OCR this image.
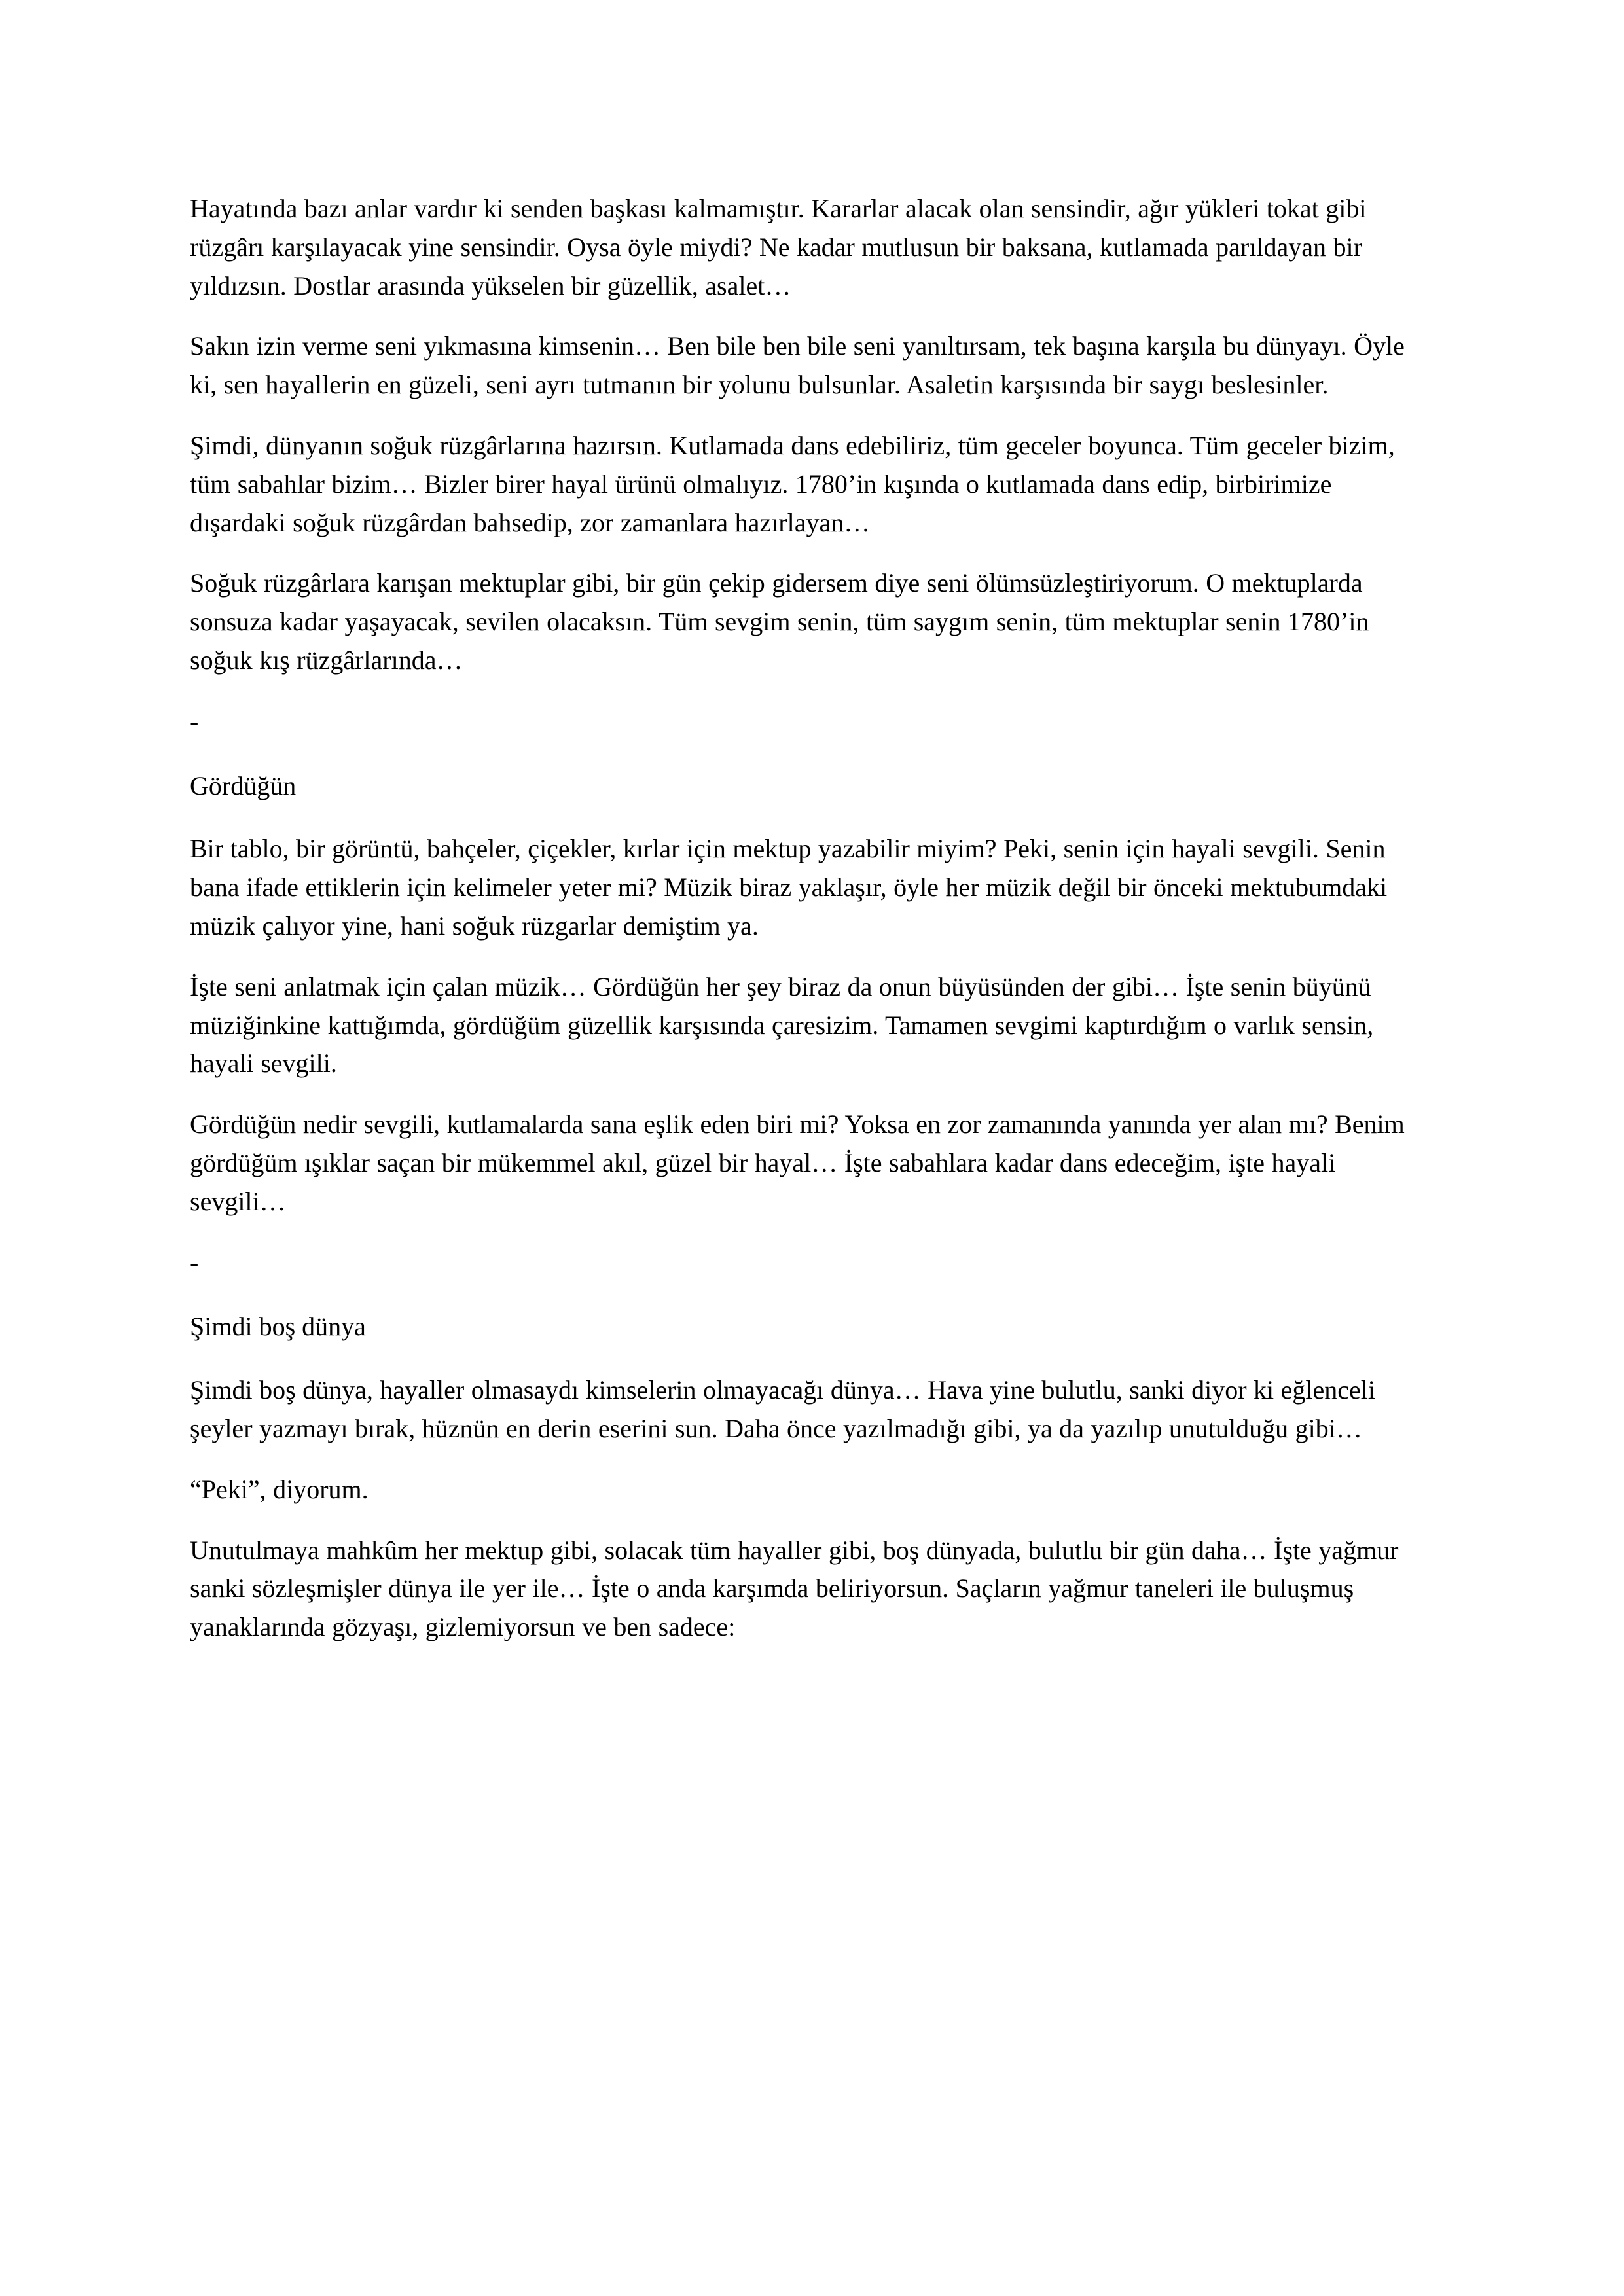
Hayatında bazı anlar vardır ki senden başkası kalmamıştır. Kararlar alacak olan sensindir, ağır yükleri tokat gibi rüzgârı karşılayacak yine sensindir. Oysa öyle miydi? Ne kadar mutlusun bir baksana, kutlamada parıldayan bir yıldızsın. Dostlar arasında yükselen bir güzellik, asalet…

Sakın izin verme seni yıkmasına kimsenin… Ben bile ben bile seni yanıltırsam, tek başına karşıla bu dünyayı. Öyle ki, sen hayallerin en güzeli, seni ayrı tutmanın bir yolunu bulsunlar. Asaletin karşısında bir saygı beslesinler.

Şimdi, dünyanın soğuk rüzgârlarına hazırsın. Kutlamada dans edebiliriz, tüm geceler boyunca. Tüm geceler bizim, tüm sabahlar bizim… Bizler birer hayal ürünü olmalıyız. 1780’in kışında o kutlamada dans edip, birbirimize dışardaki soğuk rüzgârdan bahsedip, zor zamanlara hazırlayan…

Soğuk rüzgârlara karışan mektuplar gibi, bir gün çekip gidersem diye seni ölümsüzleştiriyorum. O mektuplarda sonsuza kadar yaşayacak, sevilen olacaksın. Tüm sevgim senin, tüm saygım senin, tüm mektuplar senin 1780’in soğuk kış rüzgârlarında…

-

Gördüğün

Bir tablo, bir görüntü, bahçeler, çiçekler, kırlar için mektup yazabilir miyim? Peki, senin için hayali sevgili. Senin bana ifade ettiklerin için kelimeler yeter mi? Müzik biraz yaklaşır, öyle her müzik değil bir önceki mektubumdaki müzik çalıyor yine, hani soğuk rüzgarlar demiştim ya.

İşte seni anlatmak için çalan müzik… Gördüğün her şey biraz da onun büyüsünden der gibi… İşte senin büyünü müziğinkine kattığımda, gördüğüm güzellik karşısında çaresizim. Tamamen sevgimi kaptırdığım o varlık sensin, hayali sevgili.

Gördüğün nedir sevgili, kutlamalarda sana eşlik eden biri mi? Yoksa en zor zamanında yanında yer alan mı? Benim gördüğüm ışıklar saçan bir mükemmel akıl, güzel bir hayal… İşte sabahlara kadar dans edeceğim, işte hayali sevgili…

-

Şimdi boş dünya

Şimdi boş dünya, hayaller olmasaydı kimselerin olmayacağı dünya… Hava yine bulutlu, sanki diyor ki eğlenceli şeyler yazmayı bırak, hüznün en derin eserini sun. Daha önce yazılmadığı gibi, ya da yazılıp unutulduğu gibi…

“Peki”, diyorum.

Unutulmaya mahkûm her mektup gibi, solacak tüm hayaller gibi, boş dünyada, bulutlu bir gün daha… İşte yağmur sanki sözleşmişler dünya ile yer ile… İşte o anda karşımda beliriyorsun. Saçların yağmur taneleri ile buluşmuş yanaklarında gözyaşı, gizlemiyorsun ve ben sadece:
